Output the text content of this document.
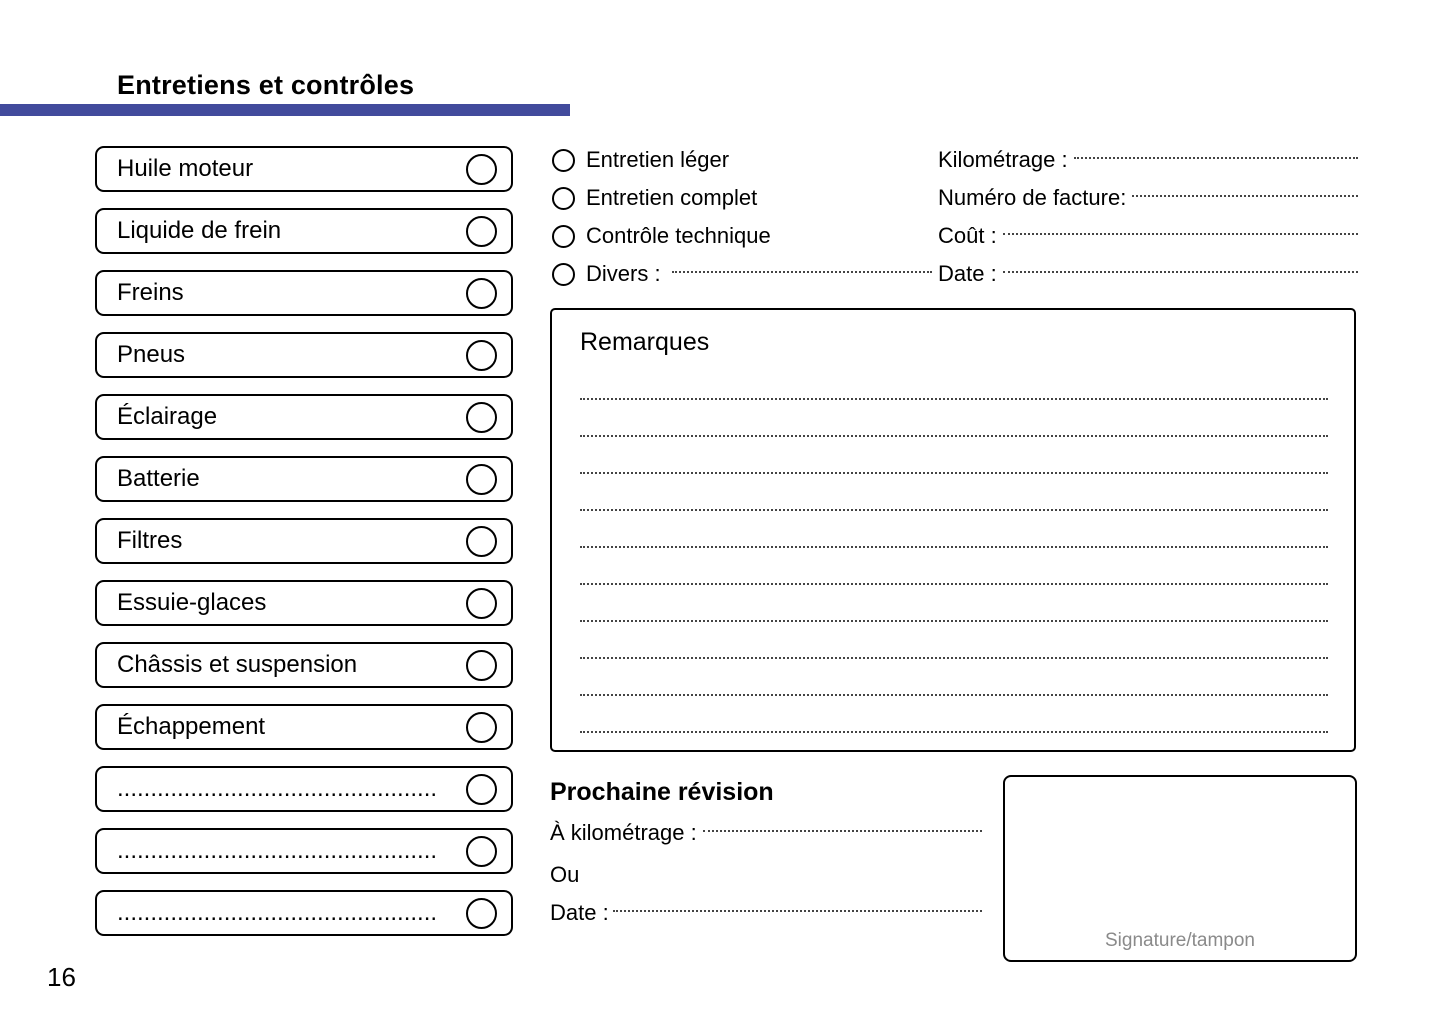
Entretiens et contrôles
Huile moteur
Liquide de frein
Freins
Pneus
Éclairage
Batterie
Filtres
Essuie-glaces
Châssis et suspension
Échappement
................................................
................................................
................................................
Entretien léger
Entretien complet
Contrôle technique
Divers :
Kilométrage :
Numéro de facture:
Coût :
Date :
Remarques
Prochaine révision
À kilométrage :
Ou
Date :
Signature/tampon
16
